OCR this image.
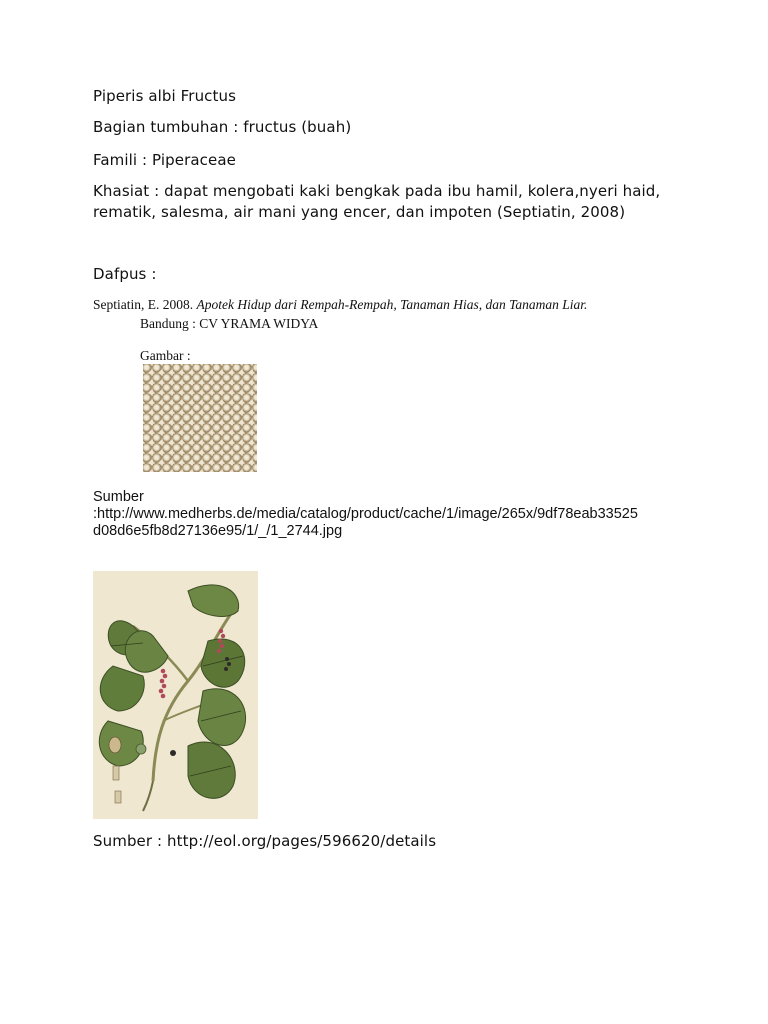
Piperis albi Fructus

Bagian tumbuhan : fructus (buah)

Famili : Piperaceae

Khasiat : dapat mengobati kaki bengkak pada ibu hamil, kolera,nyeri haid,

rematik, salesma, air mani yang encer, dan impoten (Septiatin, 2008)

Dafpus :

Septiatin, E. 2008. Apotek Hidup dari Rempah-Rempah, Tanaman Hias, dan Tanaman Liar.

Bandung : CV YRAMA WIDYA

Gambar :

Sumber

:http://www.medherbs.de/media/catalog/product/cache/1/image/265x/9df78eab33525

d08d6e5fb8d27136e95/1/_/1_2744.jpg

Sumber : http://eol.org/pages/596620/details
